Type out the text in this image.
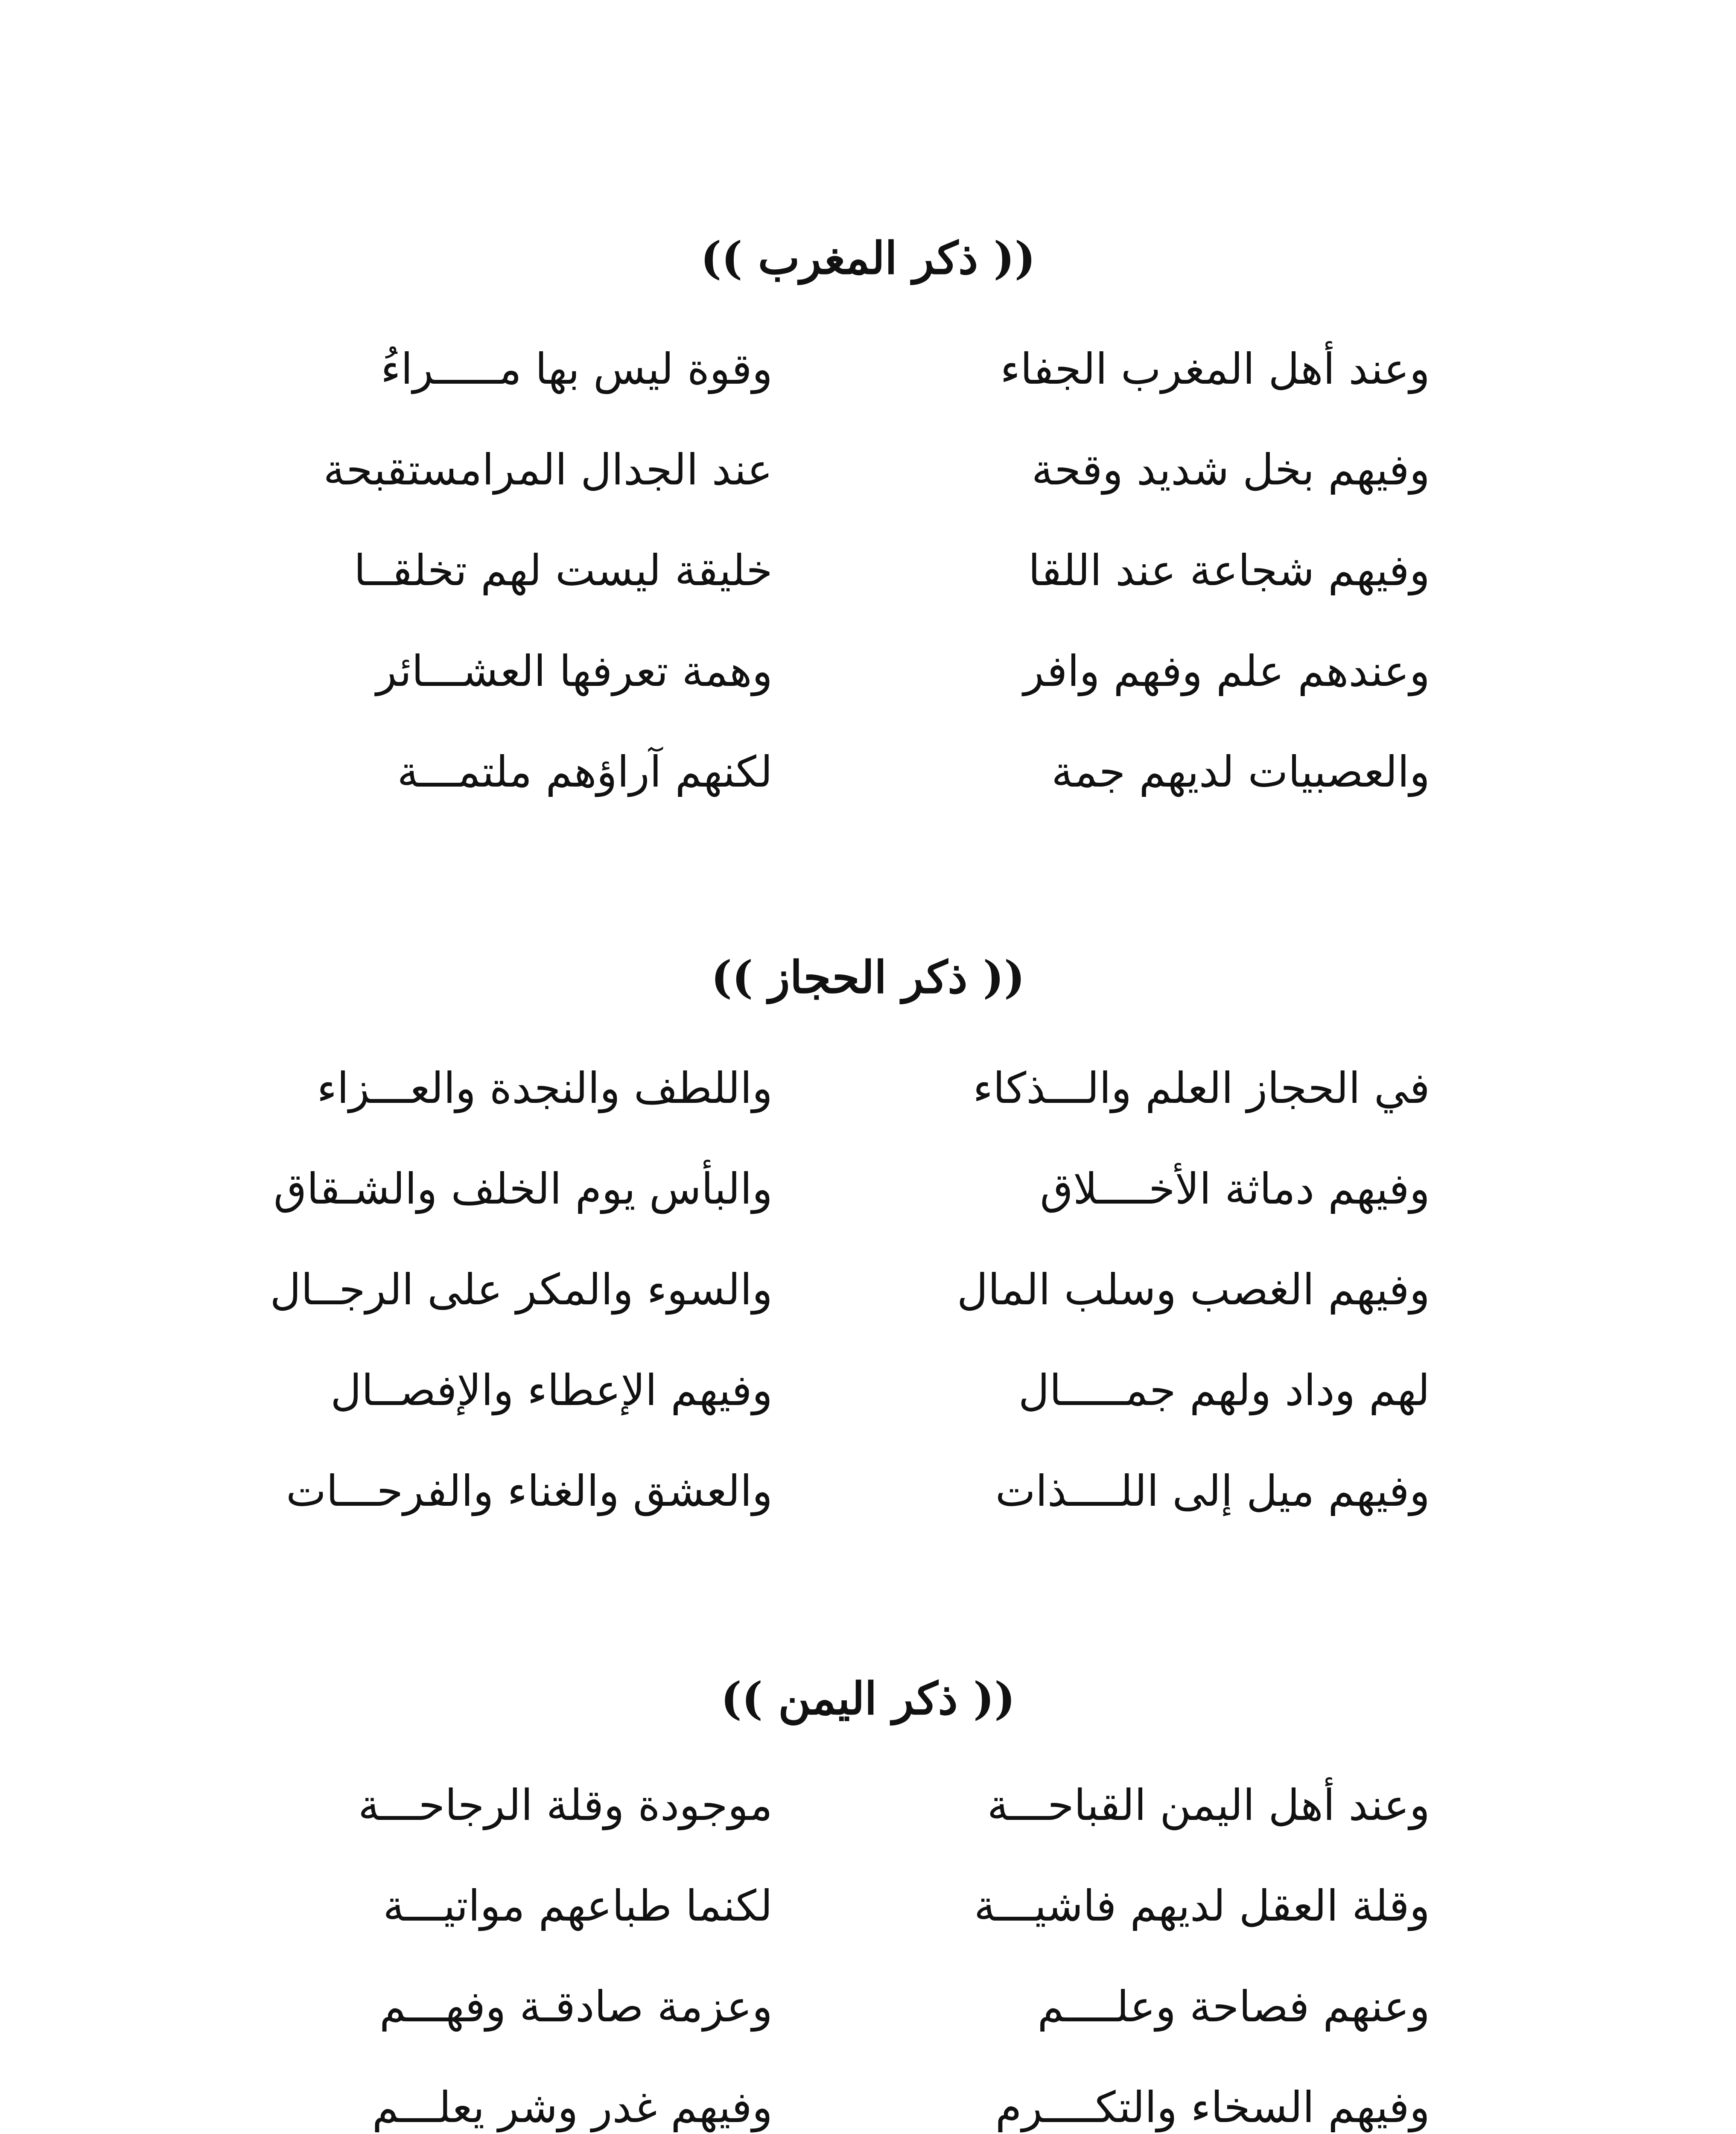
(( ذكر المغرب ))
وعند أهل المغرب الجفاء
وقوة ليس بها مـــــراءُ
وفيهم بخل شديد وقحة
عند الجدال المرامستقبحة
وفيهم شجاعة عند اللقا
خليقة ليست لهم تخلقــا
وعندهم علم وفهم وافر
وهمة تعرفها العشـــائر
والعصبيات لديهم جمة
لكنهم آراؤهم ملتمـــة
(( ذكر الحجاز ))
في الحجاز العلم والـــذكاء
واللطف والنجدة والعـــزاء
وفيهم دماثة الأخــــلاق
والبأس يوم الخلف والشـقاق
وفيهم الغصب وسلب المال
والسوء والمكر على الرجــال
لهم وداد ولهم جمـــــال
وفيهم الإعطاء والإفصــال
وفيهم ميل إلى اللــــذات
والعشق والغناء والفرحـــات
(( ذكر اليمن ))
وعند أهل اليمن القباحـــة
موجودة وقلة الرجاحـــة
وقلة العقل لديهم فاشيـــة
لكنما طباعهم مواتيـــة
وعنهم فصاحة وعلــــم
وعزمة صادقـة وفهـــم
وفيهم السخاء والتكــــرم
وفيهم غدر وشر يعلـــم
